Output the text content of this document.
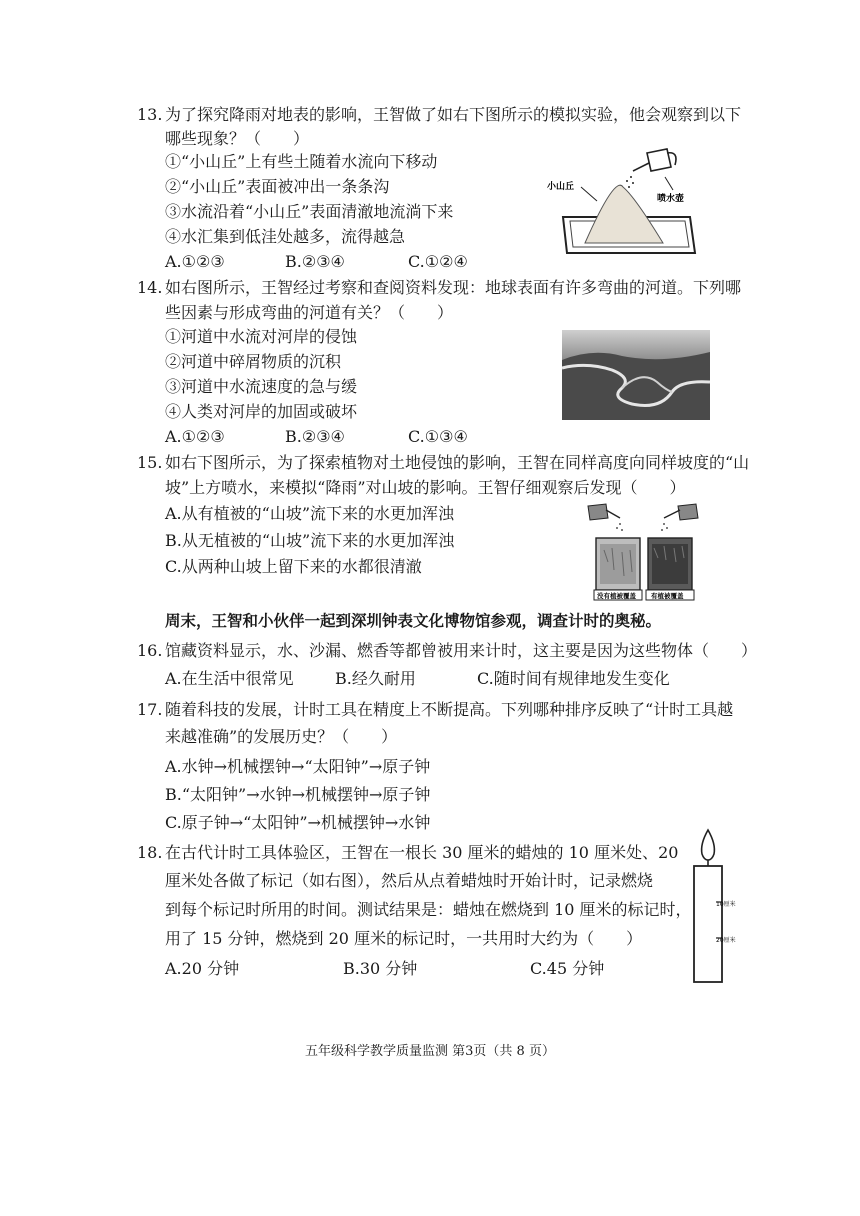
13. 为了探究降雨对地表的影响，王智做了如右下图所示的模拟实验，他会观察到以下
哪些现象？（　　）
①“小山丘”上有些土随着水流向下移动
②“小山丘”表面被冲出一条条沟
③水流沿着“小山丘”表面清澈地流淌下来
④水汇集到低洼处越多，流得越急
A.①②③	B.②③④	C.①②④
小山丘
喷水壶
14. 如右图所示，王智经过考察和查阅资料发现：地球表面有许多弯曲的河道。下列哪
些因素与形成弯曲的河道有关？（　　）
①河道中水流对河岸的侵蚀
②河道中碎屑物质的沉积
③河道中水流速度的急与缓
④人类对河岸的加固或破坏
A.①②③	B.②③④	C.①③④
15. 如右下图所示，为了探索植物对土地侵蚀的影响，王智在同样高度向同样坡度的“山
坡”上方喷水，来模拟“降雨”对山坡的影响。王智仔细观察后发现（　　）
A.从有植被的“山坡”流下来的水更加浑浊
B.从无植被的“山坡”流下来的水更加浑浊
C.从两种山坡上留下来的水都很清澈
没有植被覆盖 有植被覆盖
周末，王智和小伙伴一起到深圳钟表文化博物馆参观，调查计时的奥秘。
16. 馆藏资料显示，水、沙漏、燃香等都曾被用来计时，这主要是因为这些物体（　　）
A.在生活中很常见	B.经久耐用	C.随时间有规律地发生变化
17. 随着科技的发展，计时工具在精度上不断提高。下列哪种排序反映了“计时工具越
来越准确”的发展历史？（　　）
A.水钟→机械摆钟→“太阳钟”→原子钟
B.“太阳钟”→水钟→机械摆钟→原子钟
C.原子钟→“太阳钟”→机械摆钟→水钟
18. 在古代计时工具体验区，王智在一根长 30 厘米的蜡烛的 10 厘米处、20
厘米处各做了标记（如右图），然后从点着蜡烛时开始计时，记录燃烧
到每个标记时所用的时间。测试结果是：蜡烛在燃烧到 10 厘米的标记时，
用了 15 分钟，燃烧到 20 厘米的标记时，一共用时大约为（　　）
A.20 分钟	B.30 分钟	C.45 分钟
10厘米
20厘米
五年级科学教学质量监测 第3页（共 8 页）
